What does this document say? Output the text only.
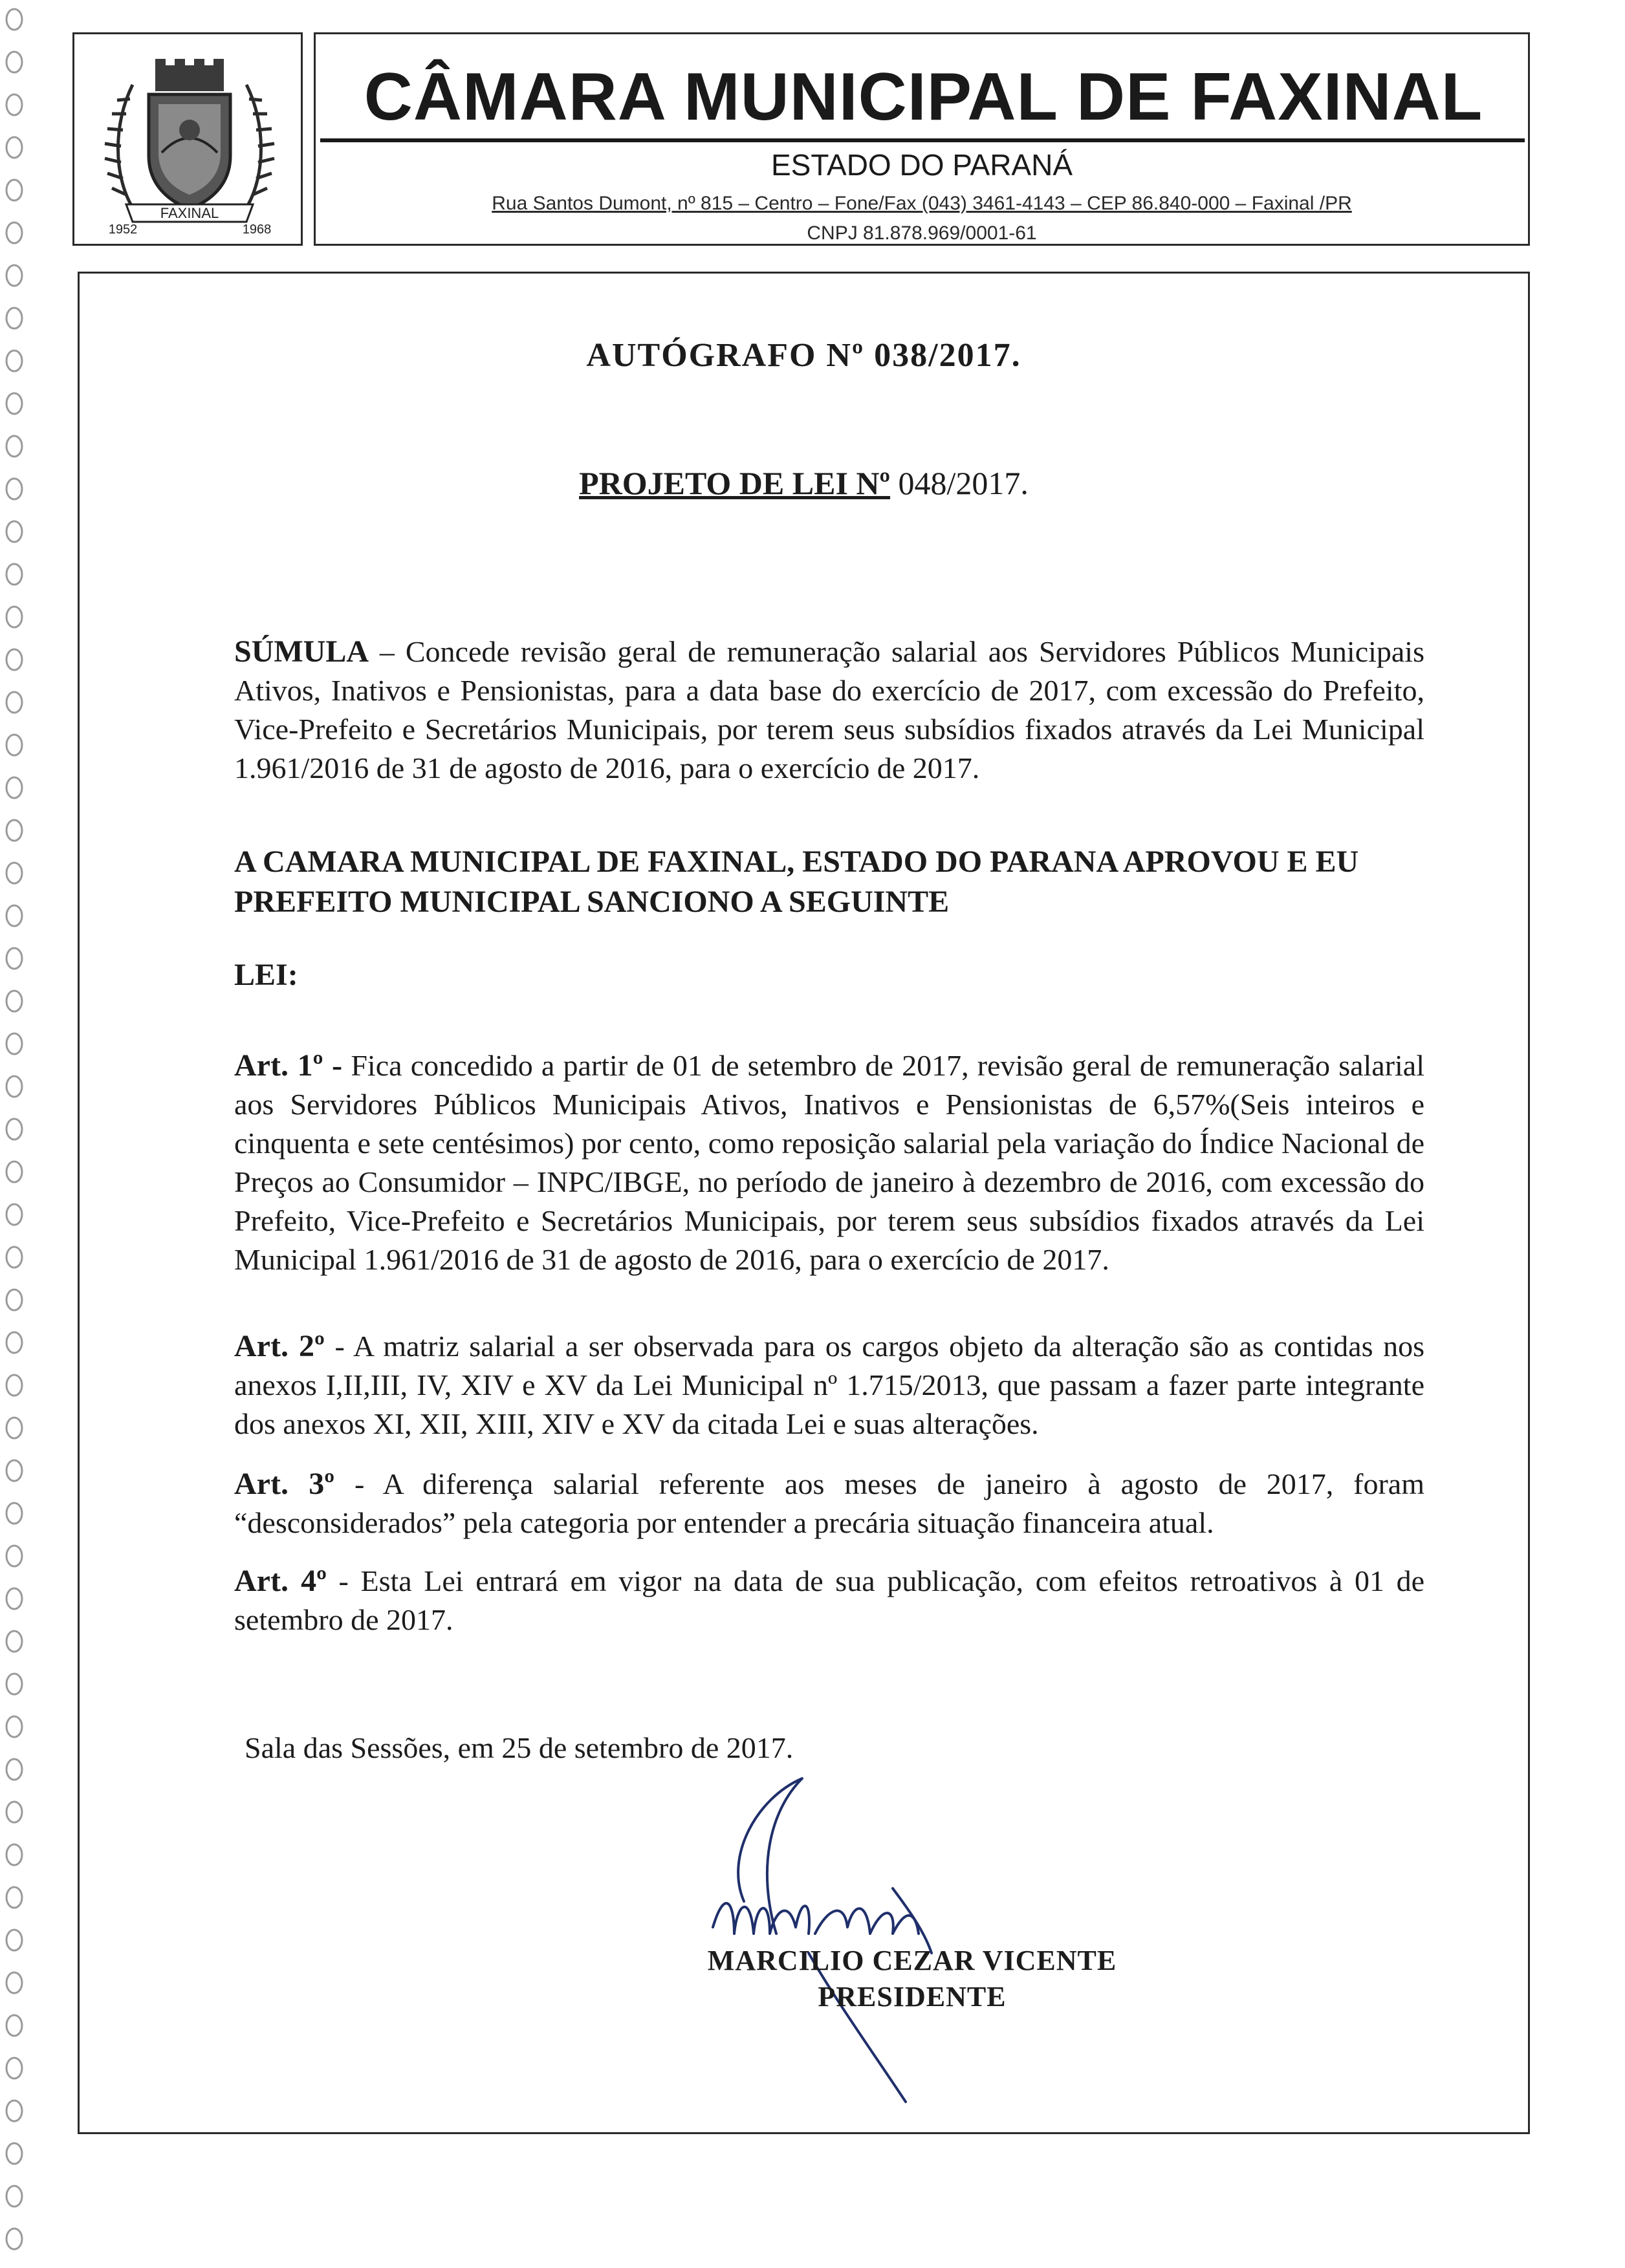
FAXINAL
1952	1968
CÂMARA MUNICIPAL DE FAXINAL
ESTADO DO PARANÁ
Rua Santos Dumont, nº 815 – Centro – Fone/Fax (043) 3461-4143 – CEP 86.840-000 – Faxinal /PR
CNPJ 81.878.969/0001-61
AUTÓGRAFO Nº 038/2017.
PROJETO DE LEI Nº 048/2017.

SÚMULA – Concede revisão geral de remuneração salarial aos Servidores Públicos Municipais Ativos, Inativos e Pensionistas, para a data base do exercício de 2017, com excessão do Prefeito, Vice-Prefeito e Secretários Municipais, por terem seus subsídios fixados através da Lei Municipal 1.961/2016 de 31 de agosto de 2016, para o exercício de 2017.

A CAMARA MUNICIPAL DE FAXINAL, ESTADO DO PARANA APROVOU E EU PREFEITO MUNICIPAL SANCIONO A SEGUINTE

LEI:

Art. 1º - Fica concedido a partir de 01 de setembro de 2017, revisão geral de remuneração salarial aos Servidores Públicos Municipais Ativos, Inativos e Pensionistas de 6,57%(Seis inteiros e cinquenta e sete centésimos) por cento, como reposição salarial pela variação do Índice Nacional de Preços ao Consumidor – INPC/IBGE, no período de janeiro à dezembro de 2016, com excessão do Prefeito, Vice-Prefeito e Secretários Municipais, por terem seus subsídios fixados através da Lei Municipal 1.961/2016 de 31 de agosto de 2016, para o exercício de 2017.

Art. 2º - A matriz salarial a ser observada para os cargos objeto da alteração são as contidas nos anexos I,II,III, IV, XIV e XV da Lei Municipal nº 1.715/2013, que passam a fazer parte integrante dos anexos XI, XII, XIII, XIV e XV da citada Lei e suas alterações.

Art. 3º - A diferença salarial referente aos meses de janeiro à agosto de 2017, foram “desconsiderados” pela categoria por entender a precária situação financeira atual.

Art. 4º - Esta Lei entrará em vigor na data de sua publicação, com efeitos retroativos à 01 de setembro de 2017.

Sala das Sessões, em 25 de setembro de 2017.
MARCILIO CEZAR VICENTE
PRESIDENTE
